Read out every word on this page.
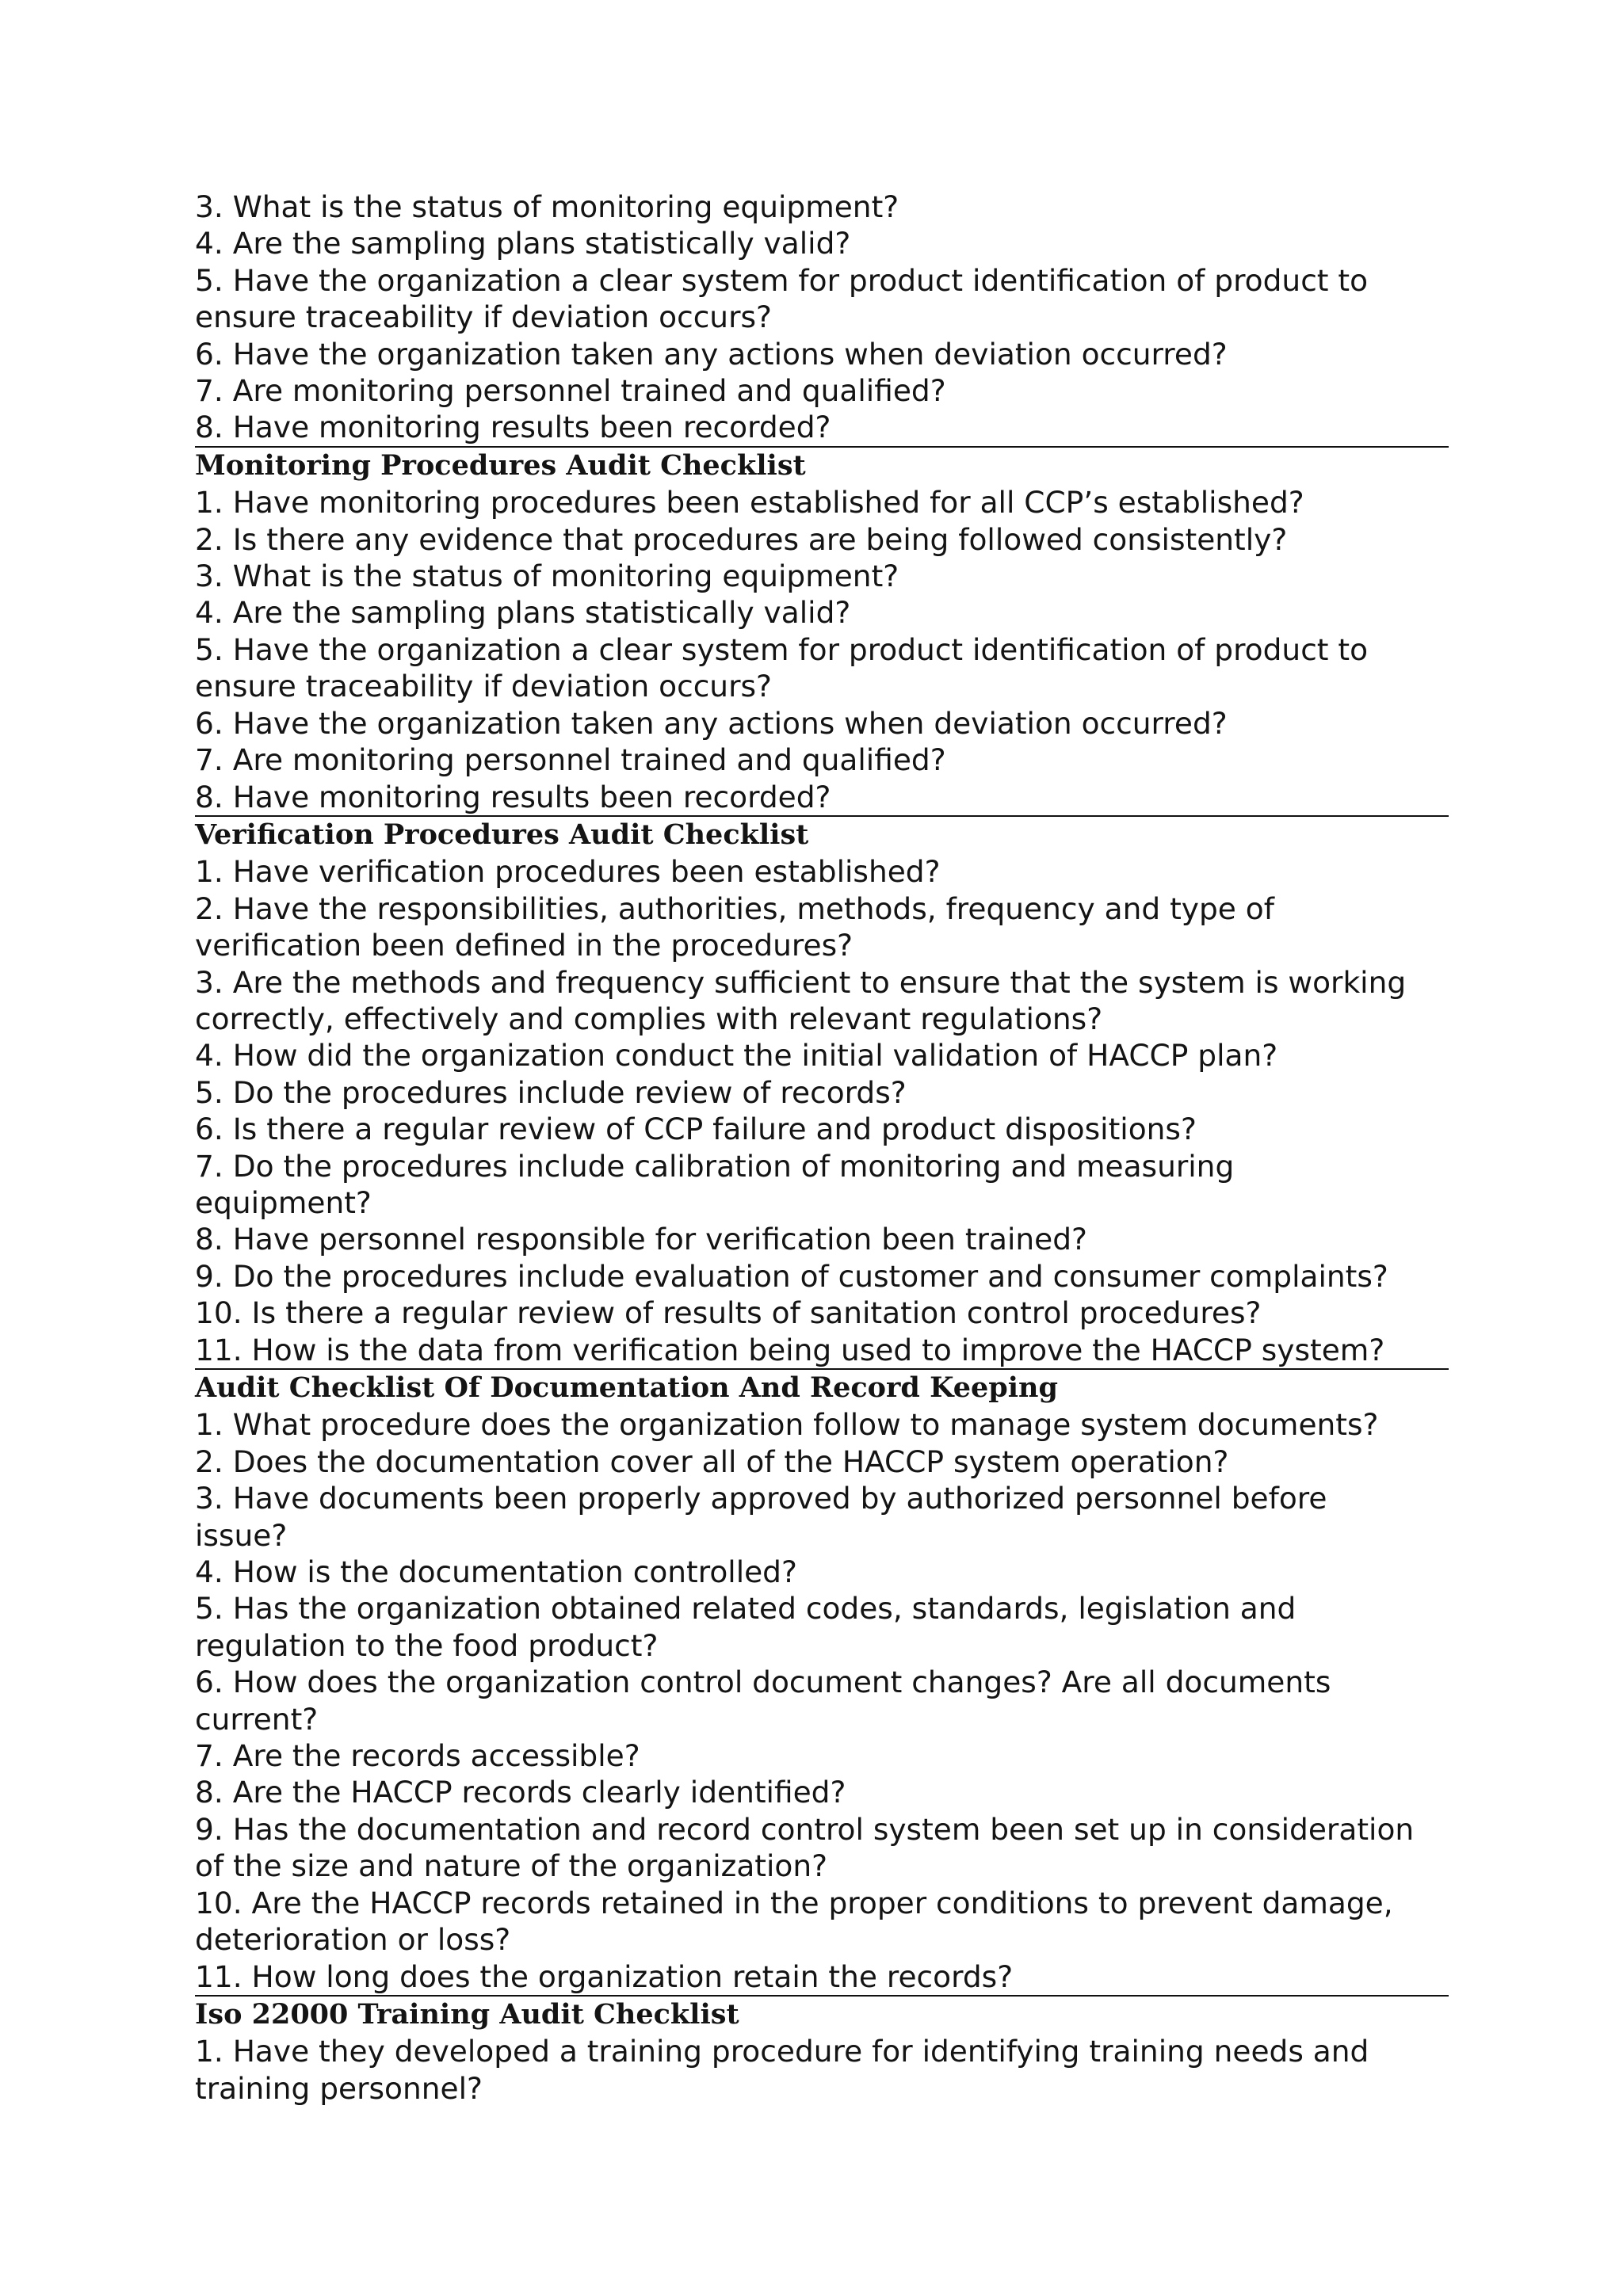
3. What is the status of monitoring equipment?

4. Are the sampling plans statistically valid?

5. Have the organization a clear system for product identification of product to

ensure traceability if deviation occurs?

6. Have the organization taken any actions when deviation occurred?

7. Are monitoring personnel trained and qualified?

8. Have monitoring results been recorded?

Monitoring Procedures Audit Checklist

1. Have monitoring procedures been established for all CCP’s established?

2. Is there any evidence that procedures are being followed consistently?

3. What is the status of monitoring equipment?

4. Are the sampling plans statistically valid?

5. Have the organization a clear system for product identification of product to

ensure traceability if deviation occurs?

6. Have the organization taken any actions when deviation occurred?

7. Are monitoring personnel trained and qualified?

8. Have monitoring results been recorded?

Verification Procedures Audit Checklist

1. Have verification procedures been established?

2. Have the responsibilities, authorities, methods, frequency and type of

verification been defined in the procedures?

3. Are the methods and frequency sufficient to ensure that the system is working

correctly, effectively and complies with relevant regulations?

4. How did the organization conduct the initial validation of HACCP plan?

5. Do the procedures include review of records?

6. Is there a regular review of CCP failure and product dispositions?

7. Do the procedures include calibration of monitoring and measuring

equipment?

8. Have personnel responsible for verification been trained?

9. Do the procedures include evaluation of customer and consumer complaints?

10. Is there a regular review of results of sanitation control procedures?

11. How is the data from verification being used to improve the HACCP system?

Audit Checklist Of Documentation And Record Keeping

1. What procedure does the organization follow to manage system documents?

2. Does the documentation cover all of the HACCP system operation?

3. Have documents been properly approved by authorized personnel before

issue?

4. How is the documentation controlled?

5. Has the organization obtained related codes, standards, legislation and

regulation to the food product?

6. How does the organization control document changes? Are all documents

current?

7. Are the records accessible?

8. Are the HACCP records clearly identified?

9. Has the documentation and record control system been set up in consideration

of the size and nature of the organization?

10. Are the HACCP records retained in the proper conditions to prevent damage,

deterioration or loss?

11. How long does the organization retain the records?

Iso 22000 Training Audit Checklist

1. Have they developed a training procedure for identifying training needs and

training personnel?
